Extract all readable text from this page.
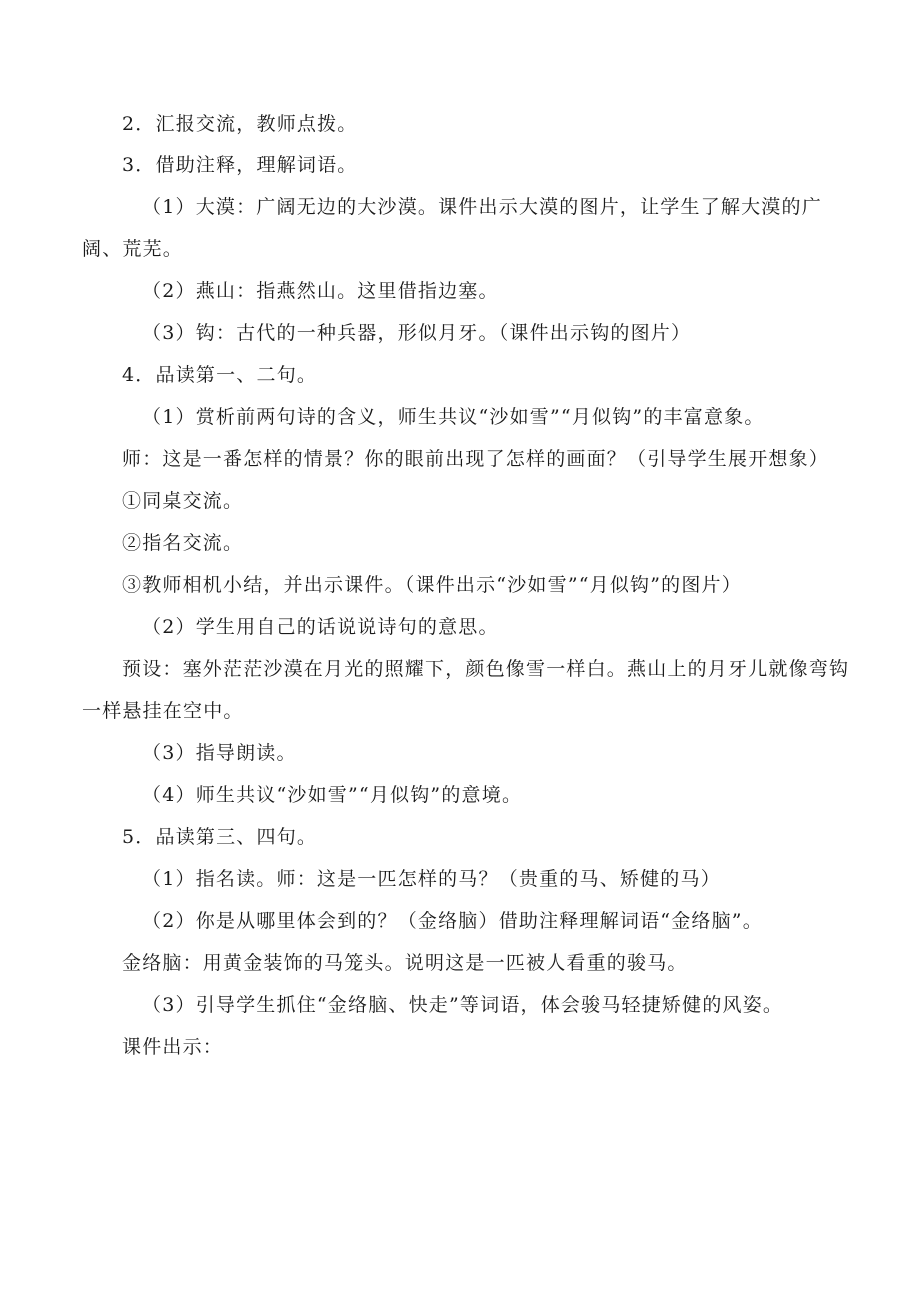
2．汇报交流，教师点拨。
3．借助注释，理解词语。
（1）大漠：广阔无边的大沙漠。课件出示大漠的图片，让学生了解大漠的广阔、荒芜。
（2）燕山：指燕然山。这里借指边塞。
（3）钩：古代的一种兵器，形似月牙。（课件出示钩的图片）
4．品读第一、二句。
（1）赏析前两句诗的含义，师生共议“沙如雪”“月似钩”的丰富意象。
师：这是一番怎样的情景？你的眼前出现了怎样的画面？（引导学生展开想象）
①同桌交流。
②指名交流。
③教师相机小结，并出示课件。（课件出示“沙如雪”“月似钩”的图片）
（2）学生用自己的话说说诗句的意思。
预设：塞外茫茫沙漠在月光的照耀下，颜色像雪一样白。燕山上的月牙儿就像弯钩一样悬挂在空中。
（3）指导朗读。
（4）师生共议“沙如雪”“月似钩”的意境。
5．品读第三、四句。
（1）指名读。师：这是一匹怎样的马？（贵重的马、矫健的马）
（2）你是从哪里体会到的？（金络脑）借助注释理解词语“金络脑”。
金络脑：用黄金装饰的马笼头。说明这是一匹被人看重的骏马。
（3）引导学生抓住“金络脑、快走”等词语，体会骏马轻捷矫健的风姿。
课件出示：
